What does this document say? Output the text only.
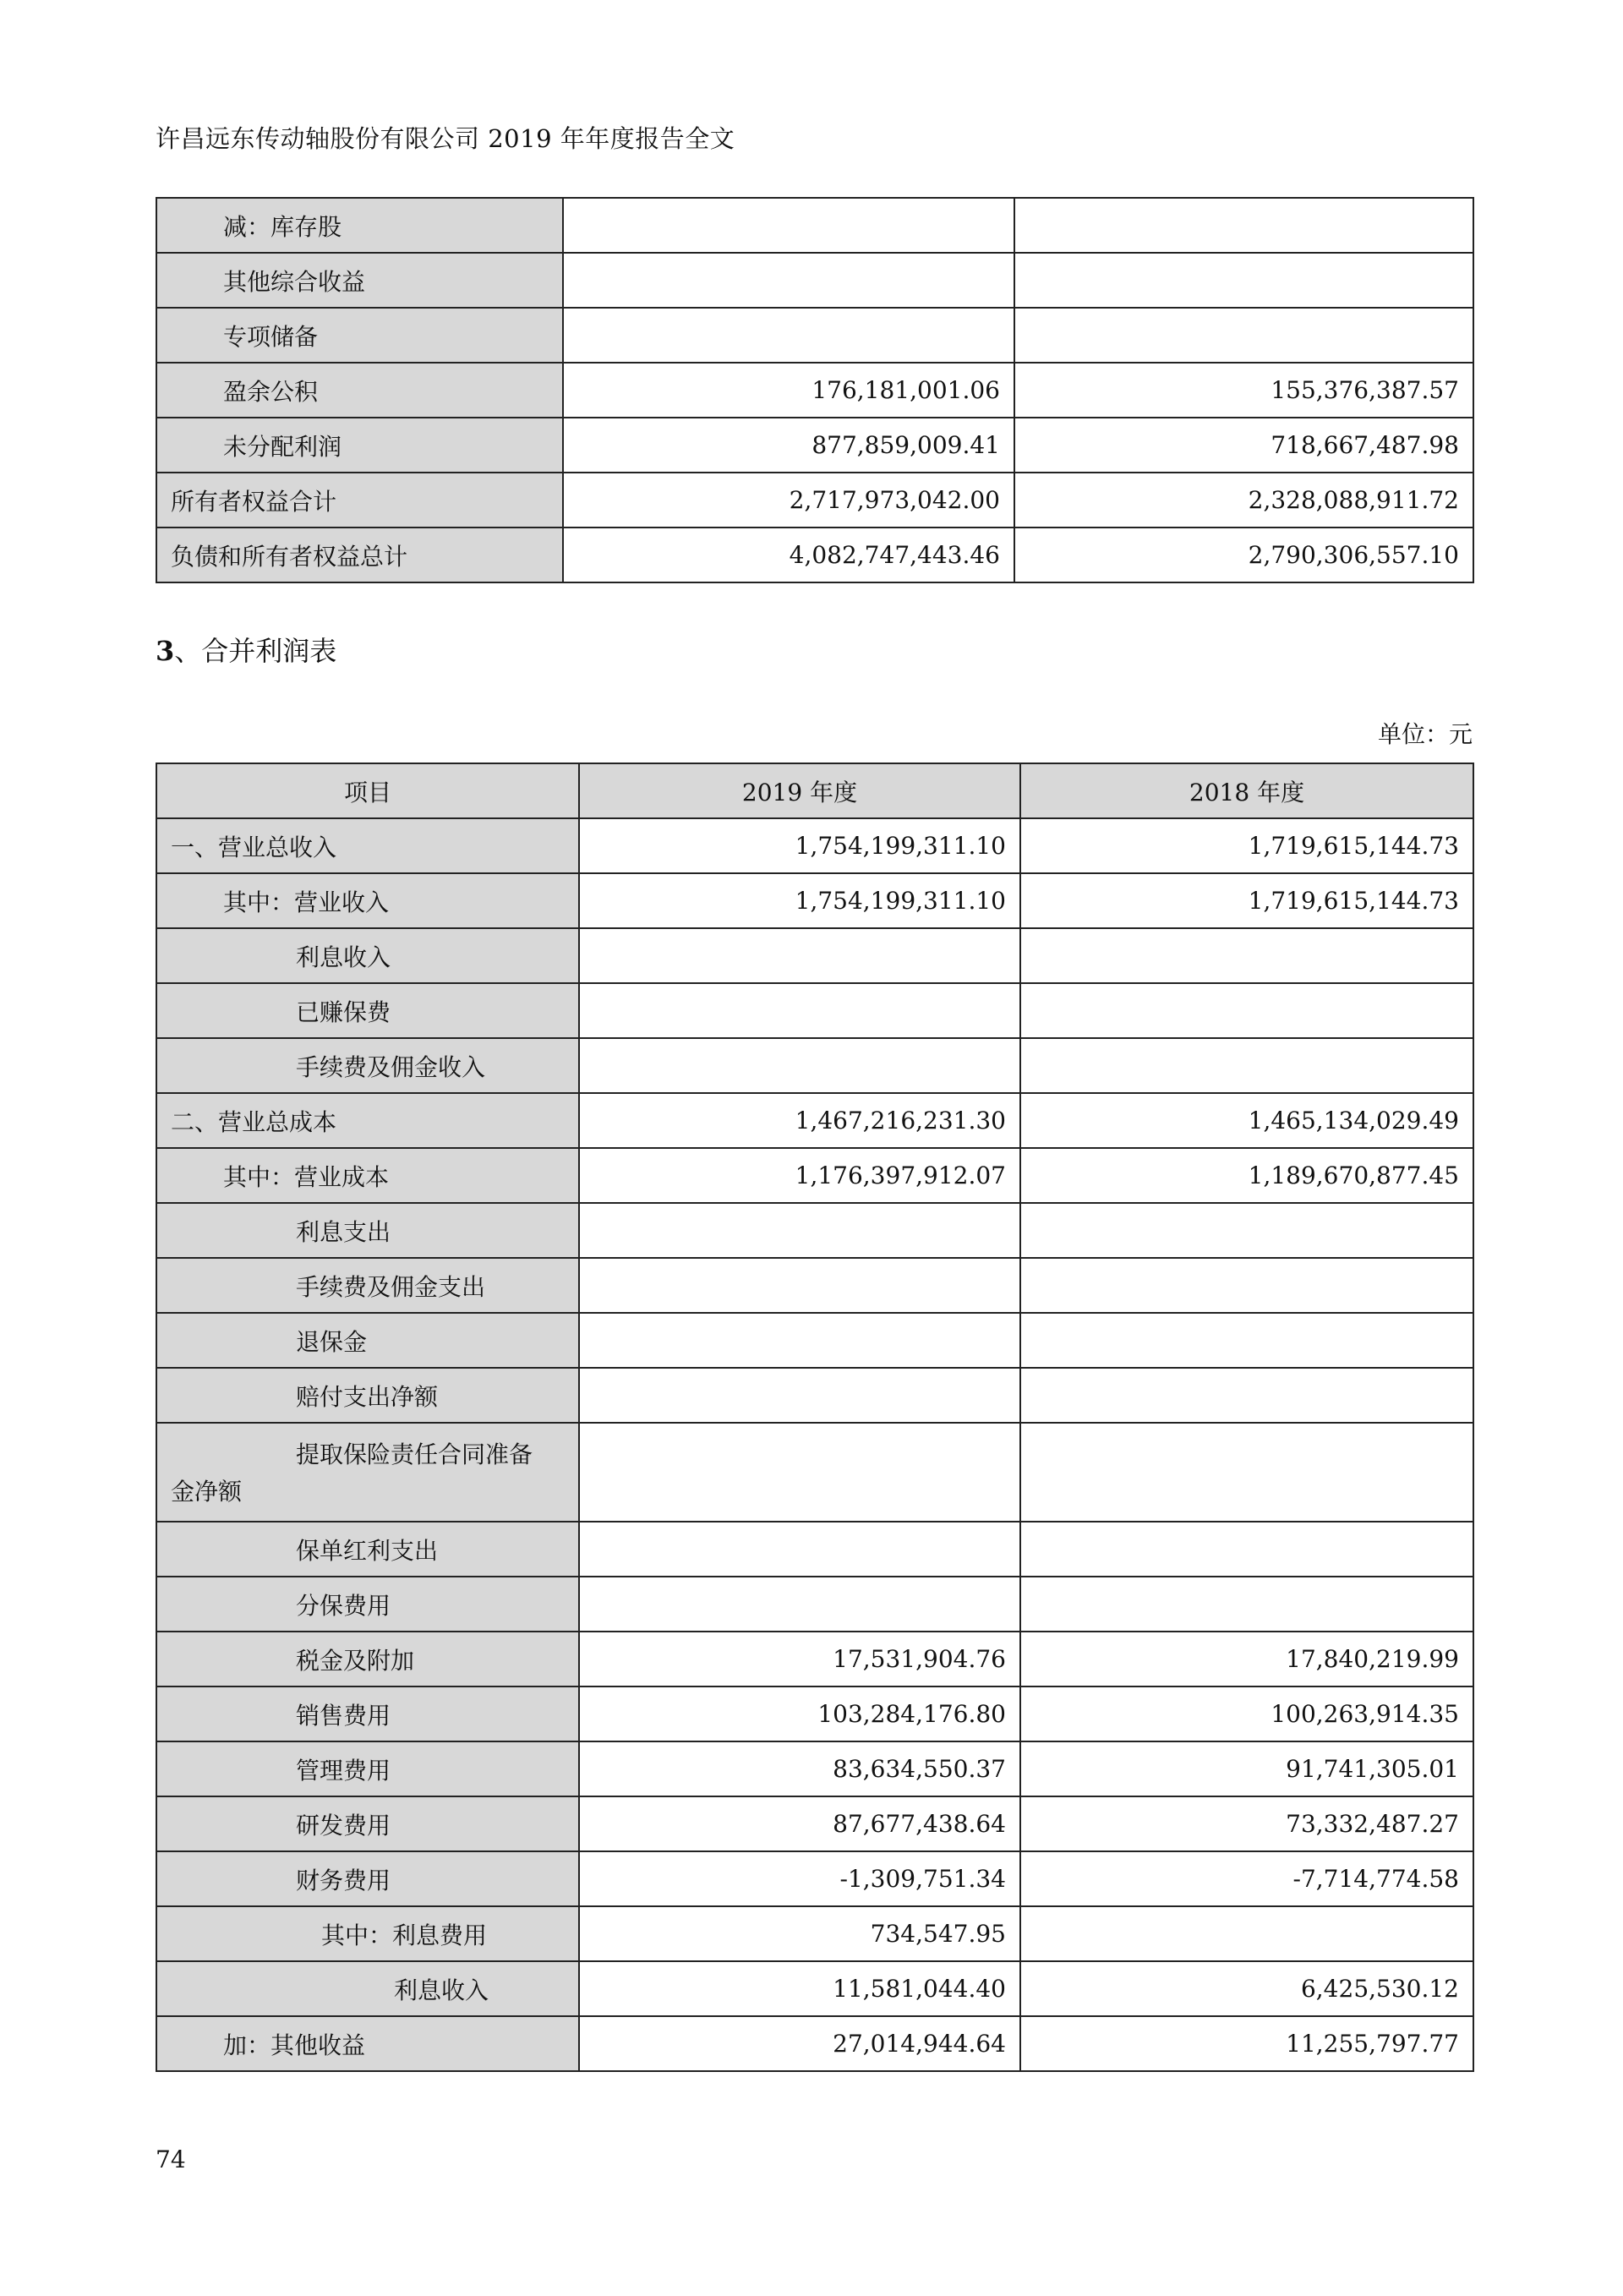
许昌远东传动轴股份有限公司 2019 年年度报告全文
减：库存股		
其他综合收益		
专项储备		
盈余公积	176,181,001.06	155,376,387.57
未分配利润	877,859,009.41	718,667,487.98
所有者权益合计	2,717,973,042.00	2,328,088,911.72
负债和所有者权益总计	4,082,747,443.46	2,790,306,557.10
3、合并利润表
单位：元
项目	2019 年度	2018 年度
一、营业总收入	1,754,199,311.10	1,719,615,144.73
其中：营业收入	1,754,199,311.10	1,719,615,144.73
利息收入		
已赚保费		
手续费及佣金收入		
二、营业总成本	1,467,216,231.30	1,465,134,029.49
其中：营业成本	1,176,397,912.07	1,189,670,877.45
利息支出		
手续费及佣金支出		
退保金		
赔付支出净额		

提取保险责任合同准备
金净额		

保单红利支出		
分保费用		
税金及附加	17,531,904.76	17,840,219.99
销售费用	103,284,176.80	100,263,914.35
管理费用	83,634,550.37	91,741,305.01
研发费用	87,677,438.64	73,332,487.27
财务费用	-1,309,751.34	-7,714,774.58
其中：利息费用	734,547.95	
利息收入	11,581,044.40	6,425,530.12
加：其他收益	27,014,944.64	11,255,797.77
74
